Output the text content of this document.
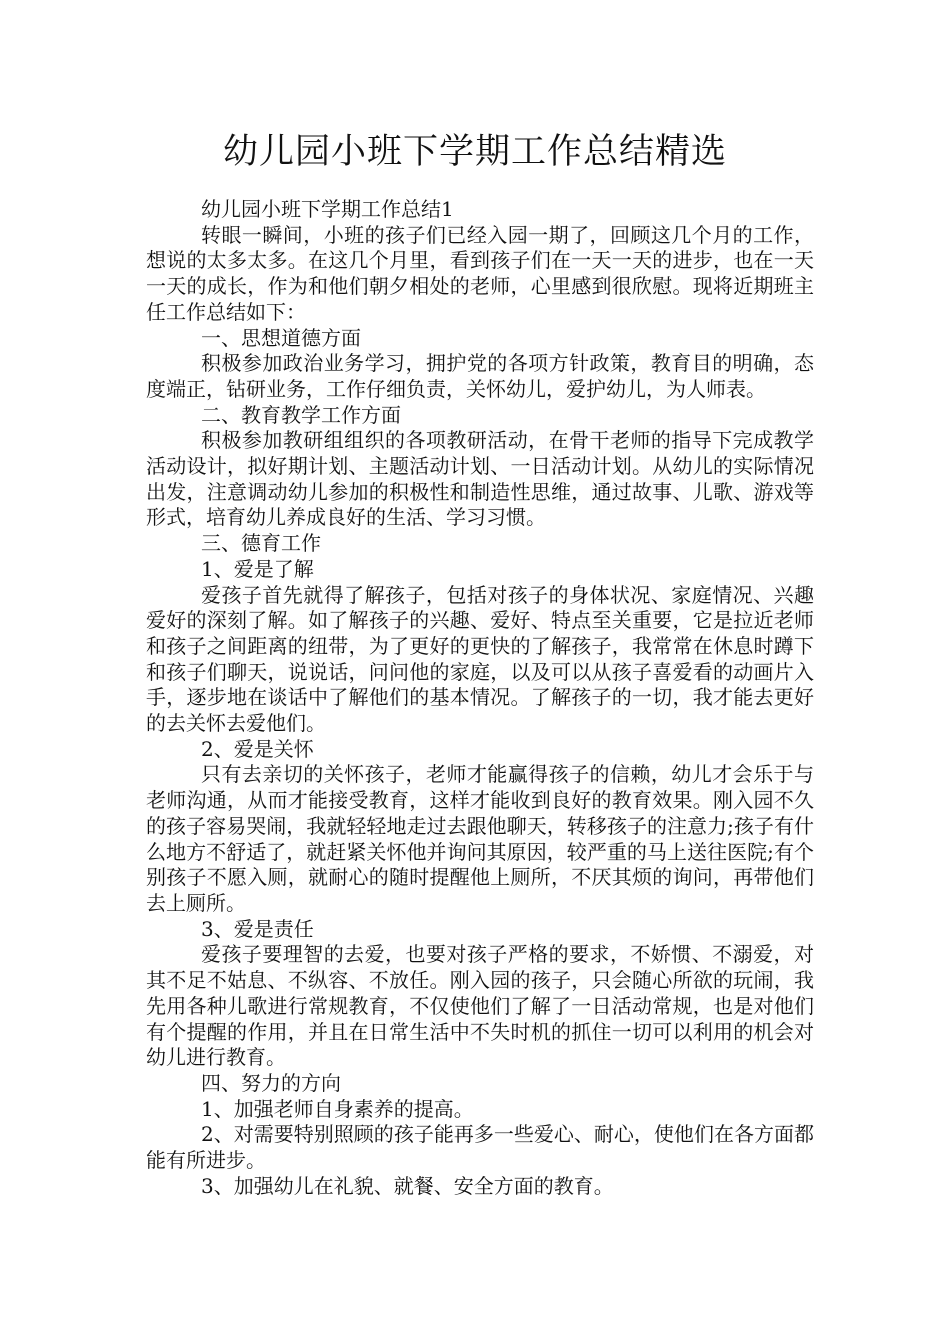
幼儿园小班下学期工作总结精选

幼儿园小班下学期工作总结1

转眼一瞬间，小班的孩子们已经入园一期了，回顾这几个月的工作，想说的太多太多。在这几个月里，看到孩子们在一天一天的进步，也在一天一天的成长，作为和他们朝夕相处的老师，心里感到很欣慰。现将近期班主任工作总结如下：

一、思想道德方面

积极参加政治业务学习，拥护党的各项方针政策，教育目的明确，态度端正，钻研业务，工作仔细负责，关怀幼儿，爱护幼儿，为人师表。

二、教育教学工作方面

积极参加教研组组织的各项教研活动，在骨干老师的指导下完成教学活动设计，拟好期计划、主题活动计划、一日活动计划。从幼儿的实际情况出发，注意调动幼儿参加的积极性和制造性思维，通过故事、儿歌、游戏等形式，培育幼儿养成良好的生活、学习习惯。

三、德育工作

1、爱是了解

爱孩子首先就得了解孩子，包括对孩子的身体状况、家庭情况、兴趣爱好的深刻了解。如了解孩子的兴趣、爱好、特点至关重要，它是拉近老师和孩子之间距离的纽带，为了更好的更快的了解孩子，我常常在休息时蹲下和孩子们聊天，说说话，问问他的家庭，以及可以从孩子喜爱看的动画片入手，逐步地在谈话中了解他们的基本情况。了解孩子的一切，我才能去更好的去关怀去爱他们。

2、爱是关怀

只有去亲切的关怀孩子，老师才能赢得孩子的信赖，幼儿才会乐于与老师沟通，从而才能接受教育，这样才能收到良好的教育效果。刚入园不久的孩子容易哭闹，我就轻轻地走过去跟他聊天，转移孩子的注意力;孩子有什么地方不舒适了，就赶紧关怀他并询问其原因，较严重的马上送往医院;有个别孩子不愿入厕，就耐心的随时提醒他上厕所，不厌其烦的询问，再带他们去上厕所。

3、爱是责任

爱孩子要理智的去爱，也要对孩子严格的要求，不娇惯、不溺爱，对其不足不姑息、不纵容、不放任。刚入园的孩子，只会随心所欲的玩闹，我先用各种儿歌进行常规教育，不仅使他们了解了一日活动常规，也是对他们有个提醒的作用，并且在日常生活中不失时机的抓住一切可以利用的机会对幼儿进行教育。

四、努力的方向

1、加强老师自身素养的提高。

2、对需要特别照顾的孩子能再多一些爱心、耐心，使他们在各方面都能有所进步。

3、加强幼儿在礼貌、就餐、安全方面的教育。
